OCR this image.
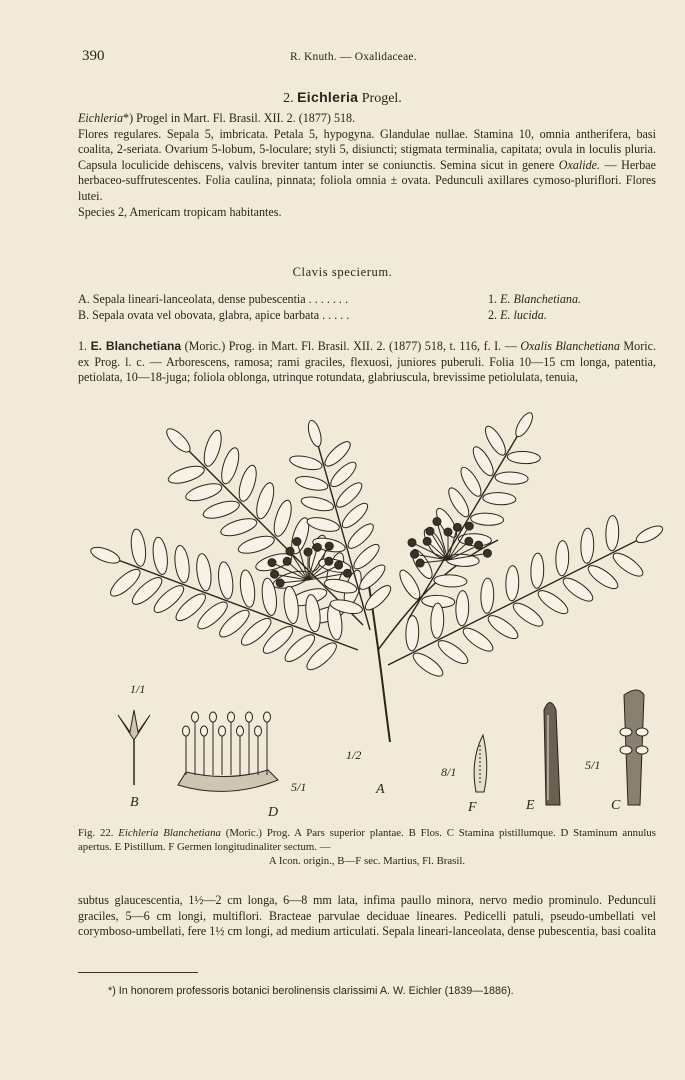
390	R. Knuth. — Oxalidaceae.
2. Eichleria Progel.

Eichleria*) Progel in Mart. Fl. Brasil. XII. 2. (1877) 518.

Flores regulares. Sepala 5, imbricata. Petala 5, hypogyna. Glandulae nullae. Stamina 10, omnia antherifera, basi coalita, 2-seriata. Ovarium 5-lobum, 5-loculare; styli 5, disiuncti; stigmata terminalia, capitata; ovula in loculis pluria. Capsula loculicide dehiscens, valvis breviter tantum inter se coniunctis. Semina sicut in genere Oxalide. — Herbae herbaceo-suffrutescentes. Folia caulina, pinnata; foliola omnia ± ovata. Pedunculi axillares cymoso-pluriflori. Flores lutei.

Species 2, Americam tropicam habitantes.

Clavis specierum.
A. Sepala lineari-lanceolata, dense pubescentia . . . . . . .	1. E. Blanchetiana.
B. Sepala ovata vel obovata, glabra, apice barbata . . . . .	2. E. lucida.

1. E. Blanchetiana (Moric.) Prog. in Mart. Fl. Brasil. XII. 2. (1877) 518, t. 116, f. I. — Oxalis Blanchetiana Moric. ex Prog. l. c. — Arborescens, ramosa; rami graciles, flexuosi, juniores puberuli. Folia 10—15 cm longa, patentia, petiolata, 10—18-juga; foliola oblonga, utrinque rotundata, glabriuscula, brevissime petiolulata, tenuia,

1/1
B
D
5/1
1/2
A
8/1
F	E
5/1
C

Fig. 22. Eichleria Blanchetiana (Moric.) Prog. A Pars superior plantae. B Flos. C Stamina pistillumque. D Staminum annulus apertus. E Pistillum. F Germen longitudinaliter sectum. —

A Icon. origin., B—F sec. Martius, Fl. Brasil.

subtus glaucescentia, 1½—2 cm longa, 6—8 mm lata, infima paullo minora, nervo medio prominulo. Pedunculi graciles, 5—6 cm longi, multiflori. Bracteae parvulae deciduae lineares. Pedicelli patuli, pseudo-umbellati vel corymboso-umbellati, fere 1½ cm longi, ad medium articulati. Sepala lineari-lanceolata, dense pubescentia, basi coalita

*) In honorem professoris botanici berolinensis clarissimi A. W. Eichler (1839—1886).
